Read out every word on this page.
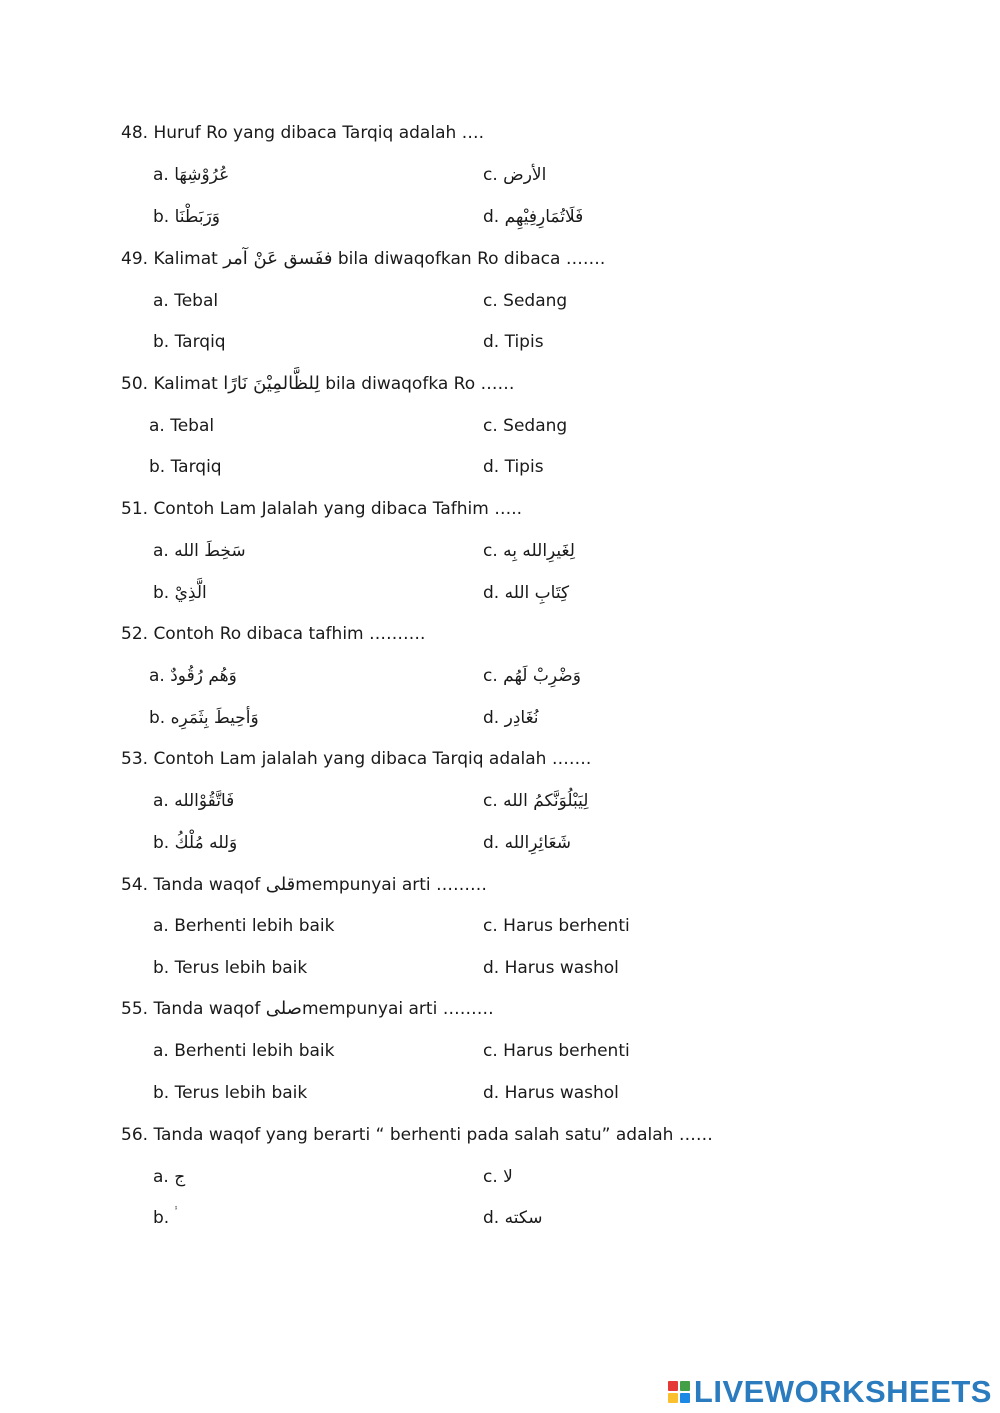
48. Huruf Ro yang dibaca Tarqiq adalah ….
a. عُرُوْشِهَا	c. الأرض
b. وَرَبَطْنَا	d. فَلَاتُمَارِفِيْهِم
49. Kalimat ففَسق عَنْ آمر bila diwaqofkan Ro dibaca …….
a. Tebal	c. Sedang
b. Tarqiq	d. Tipis
50. Kalimat لِلظَّالمِيْنَ نَارًا bila diwaqofka Ro ……
a. Tebal	c. Sedang
b. Tarqiq	d. Tipis
51. Contoh Lam Jalalah yang dibaca Tafhim …..
a. سَخِطَ الله	c. لِغَيرِالله بِه
b. الَّذِيْ	d. كِتَابِ الله
52. Contoh Ro dibaca tafhim ……….
a. وَهُم رُقُودٌ	c. وَضْرِبْ لَهُم
b. وَأحِيطَ بِثَمَرِه	d. نُغَادِر
53. Contoh Lam jalalah yang dibaca Tarqiq adalah …….
a. فَاتَّقُوْالله	c. لِيَبْلُوَنَّكمُ الله
b. وَلله مُلْكُ	d. شَعَائِرِالله
54. Tanda waqof قلىmempunyai arti ………
a. Berhenti lebih baik	c. Harus berhenti
b. Terus lebih baik	d. Harus washol
55. Tanda waqof صلىmempunyai arti ………
a. Berhenti lebih baik	c. Harus berhenti
b. Terus lebih baik	d. Harus washol
56. Tanda waqof yang berarti “ berhenti pada salah satu” adalah ……
a. ج	c. لا
b. ۛ ۛ	d. سكته
LIVEWORKSHEETS
